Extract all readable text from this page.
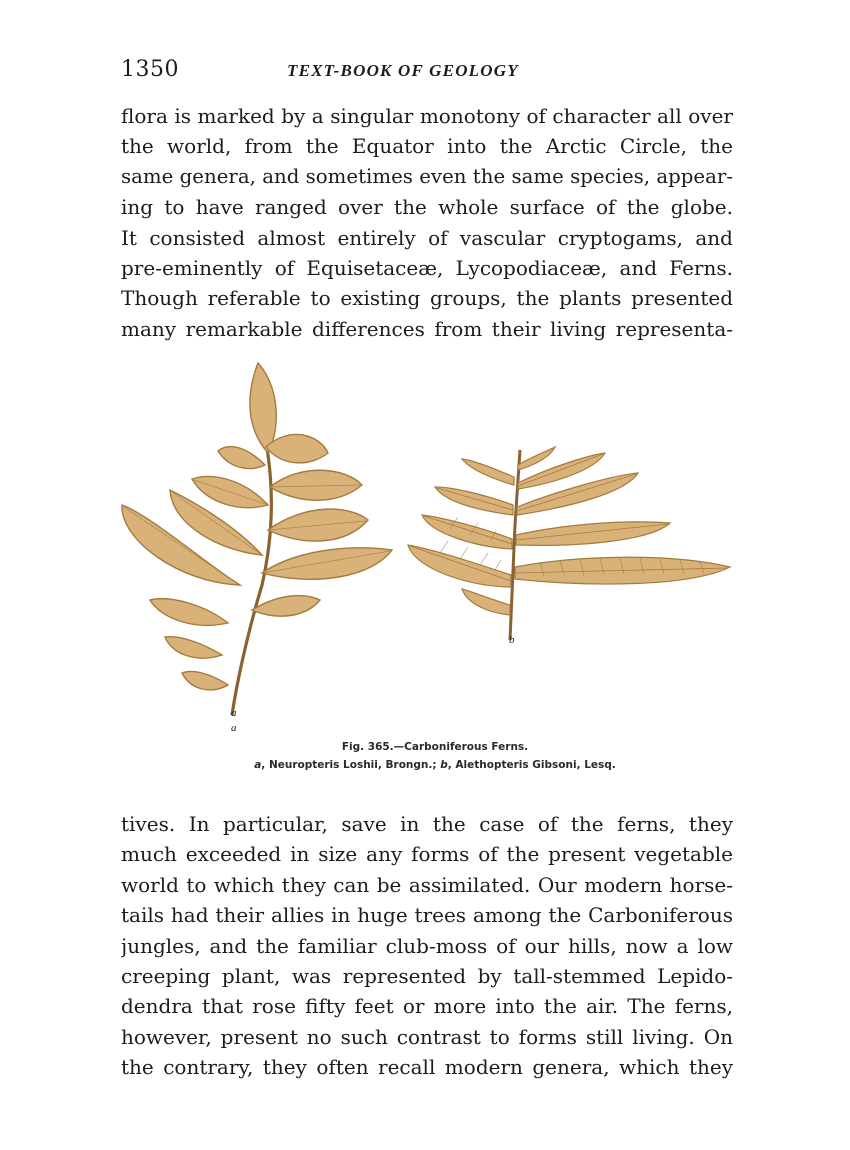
1350	TEXT-BOOK OF GEOLOGY
flora is marked by a singular monotony of character all over
the world, from the Equator into the Arctic Circle, the
same genera, and sometimes even the same species, appear-
ing to have ranged over the whole surface of the globe.
It consisted almost entirely of vascular cryptogams, and
pre-eminently of Equisetaceæ, Lycopodiaceæ, and Ferns.
Though referable to existing groups, the plants presented
many remarkable differences from their living representa-
a
a
b
Fig. 365.—Carboniferous Ferns.
a, Neuropteris Loshii, Brongn.; b, Alethopteris Gibsoni, Lesq.
tives. In particular, save in the case of the ferns, they
much exceeded in size any forms of the present vegetable
world to which they can be assimilated. Our modern horse-
tails had their allies in huge trees among the Carboniferous
jungles, and the familiar club-moss of our hills, now a low
creeping plant, was represented by tall-stemmed Lepido-
dendra that rose fifty feet or more into the air. The ferns,
however, present no such contrast to forms still living. On
the contrary, they often recall modern genera, which they
